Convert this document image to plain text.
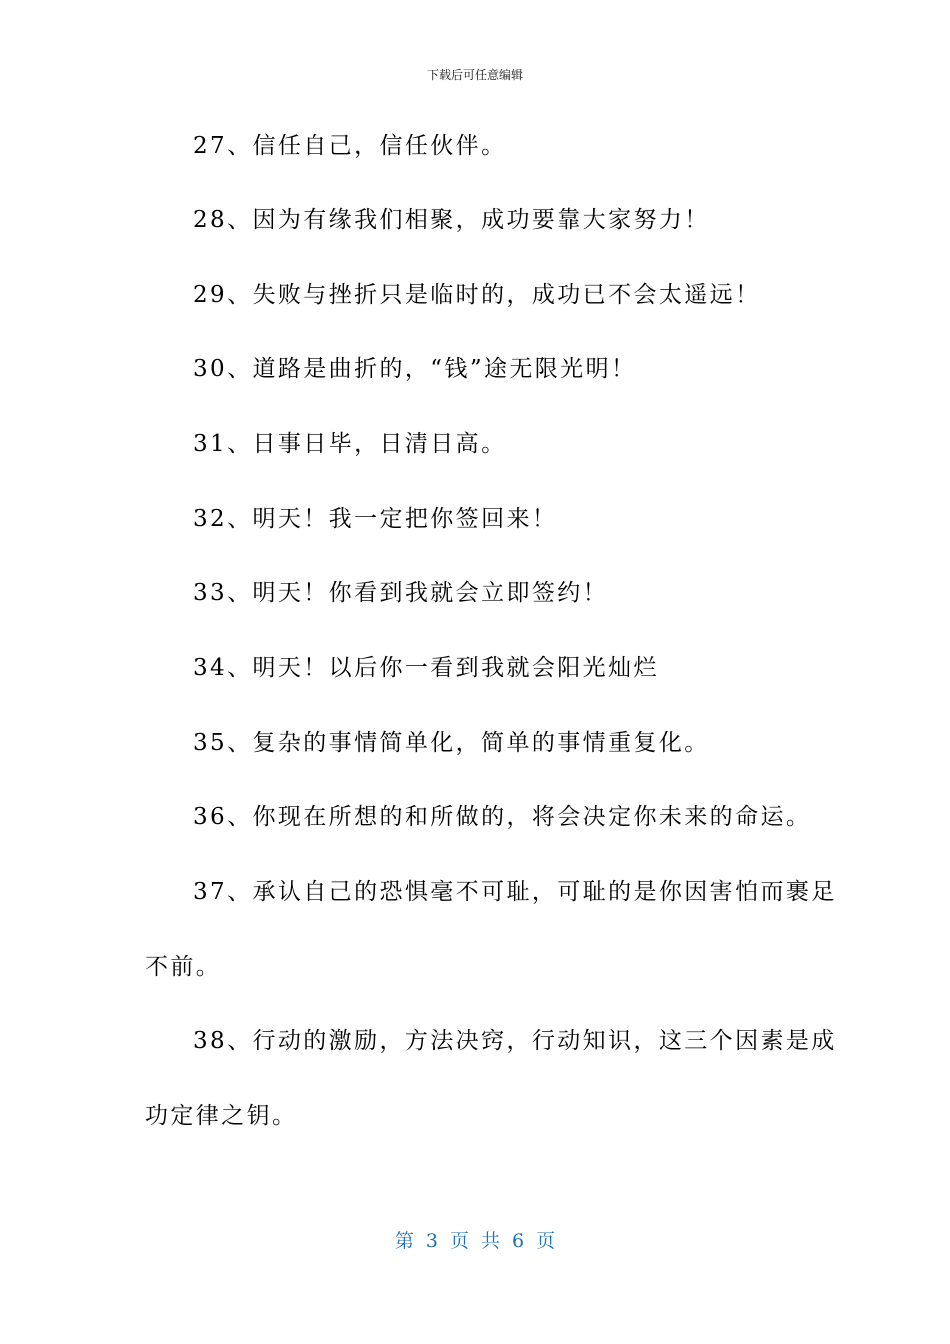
下载后可任意编辑
27、信任自己，信任伙伴。
28、因为有缘我们相聚，成功要靠大家努力！
29、失败与挫折只是临时的，成功已不会太遥远！
30、道路是曲折的，“钱”途无限光明！
31、日事日毕，日清日高。
32、明天！我一定把你签回来！
33、明天！你看到我就会立即签约！
34、明天！以后你一看到我就会阳光灿烂
35、复杂的事情简单化，简单的事情重复化。
36、你现在所想的和所做的，将会决定你未来的命运。
37、承认自己的恐惧毫不可耻，可耻的是你因害怕而裹足
不前。
38、行动的激励，方法决窍，行动知识，这三个因素是成
功定律之钥。
第 3 页 共 6 页
